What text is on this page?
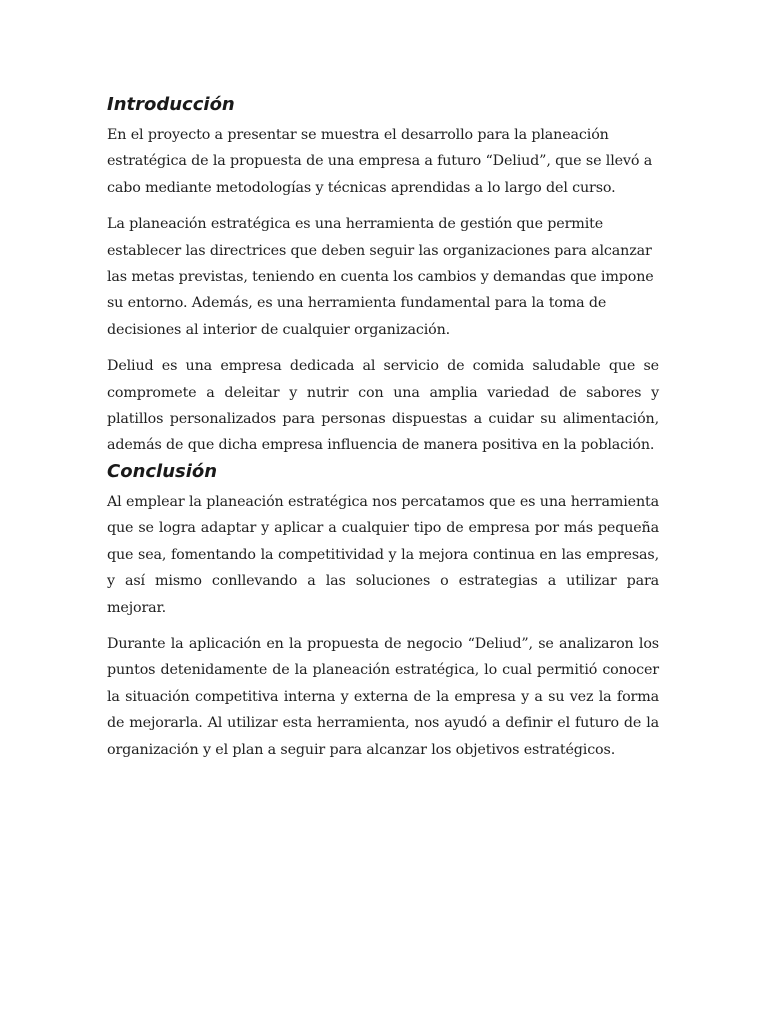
Introducción

En el proyecto a presentar se muestra el desarrollo para la planeación estratégica de la propuesta de una empresa a futuro “Deliud”, que se llevó a cabo mediante metodologías y técnicas aprendidas a lo largo del curso.

La planeación estratégica es una herramienta de gestión que permite establecer las directrices que deben seguir las organizaciones para alcanzar las metas previstas, teniendo en cuenta los cambios y demandas que impone su entorno. Además, es una herramienta fundamental para la toma de decisiones al interior de cualquier organización.

Deliud es una empresa dedicada al servicio de comida saludable que se compromete a deleitar y nutrir con una amplia variedad de sabores y platillos personalizados para personas dispuestas a cuidar su alimentación, además de que dicha empresa influencia de manera positiva en la población.

Conclusión

Al emplear la planeación estratégica nos percatamos que es una herramienta que se logra adaptar y aplicar a cualquier tipo de empresa por más pequeña que sea, fomentando la competitividad y la mejora continua en las empresas, y así mismo conllevando a las soluciones o estrategias a utilizar para mejorar.

Durante la aplicación en la propuesta de negocio “Deliud”, se analizaron los puntos detenidamente de la planeación estratégica, lo cual permitió conocer la situación competitiva interna y externa de la empresa y a su vez la forma de mejorarla. Al utilizar esta herramienta, nos ayudó a definir el futuro de la organización y el plan a seguir para alcanzar los objetivos estratégicos.
